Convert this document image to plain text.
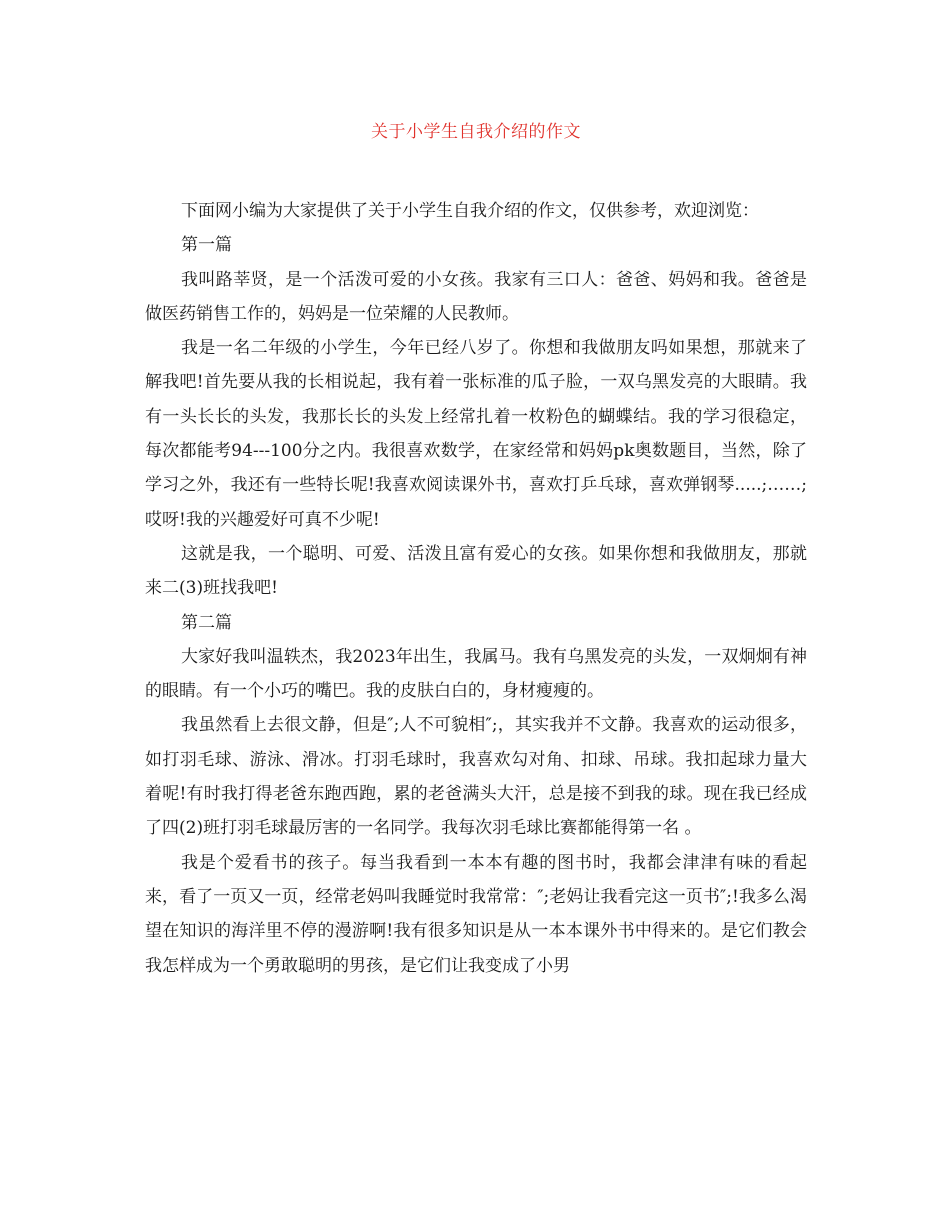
关于小学生自我介绍的作文

下面网小编为大家提供了关于小学生自我介绍的作文，仅供参考，欢迎浏览：

第一篇

我叫路莘贤，是一个活泼可爱的小女孩。我家有三口人：爸爸、妈妈和我。爸爸是做医药销售工作的，妈妈是一位荣耀的人民教师。

我是一名二年级的小学生，今年已经八岁了。你想和我做朋友吗如果想，那就来了解我吧!首先要从我的长相说起，我有着一张标准的瓜子脸，一双乌黑发亮的大眼睛。我有一头长长的头发，我那长长的头发上经常扎着一枚粉色的蝴蝶结。我的学习很稳定，每次都能考94---100分之内。我很喜欢数学，在家经常和妈妈pk奥数题目，当然，除了学习之外，我还有一些特长呢!我喜欢阅读课外书，喜欢打乒乓球，喜欢弹钢琴.....;……;哎呀!我的兴趣爱好可真不少呢!

这就是我，一个聪明、可爱、活泼且富有爱心的女孩。如果你想和我做朋友，那就来二(3)班找我吧!

第二篇

大家好我叫温轶杰，我2023年出生，我属马。我有乌黑发亮的头发，一双炯炯有神的眼睛。有一个小巧的嘴巴。我的皮肤白白的，身材瘦瘦的。

我虽然看上去很文静，但是″;人不可貌相″;，其实我并不文静。我喜欢的运动很多，如打羽毛球、游泳、滑冰。打羽毛球时，我喜欢勾对角、扣球、吊球。我扣起球力量大着呢!有时我打得老爸东跑西跑，累的老爸满头大汗，总是接不到我的球。现在我已经成了四(2)班打羽毛球最厉害的一名同学。我每次羽毛球比赛都能得第一名 。

我是个爱看书的孩子。每当我看到一本本有趣的图书时，我都会津津有味的看起来，看了一页又一页，经常老妈叫我睡觉时我常常：″;老妈让我看完这一页书″;!我多么渴望在知识的海洋里不停的漫游啊!我有很多知识是从一本本课外书中得来的。是它们教会我怎样成为一个勇敢聪明的男孩，是它们让我变成了小男
